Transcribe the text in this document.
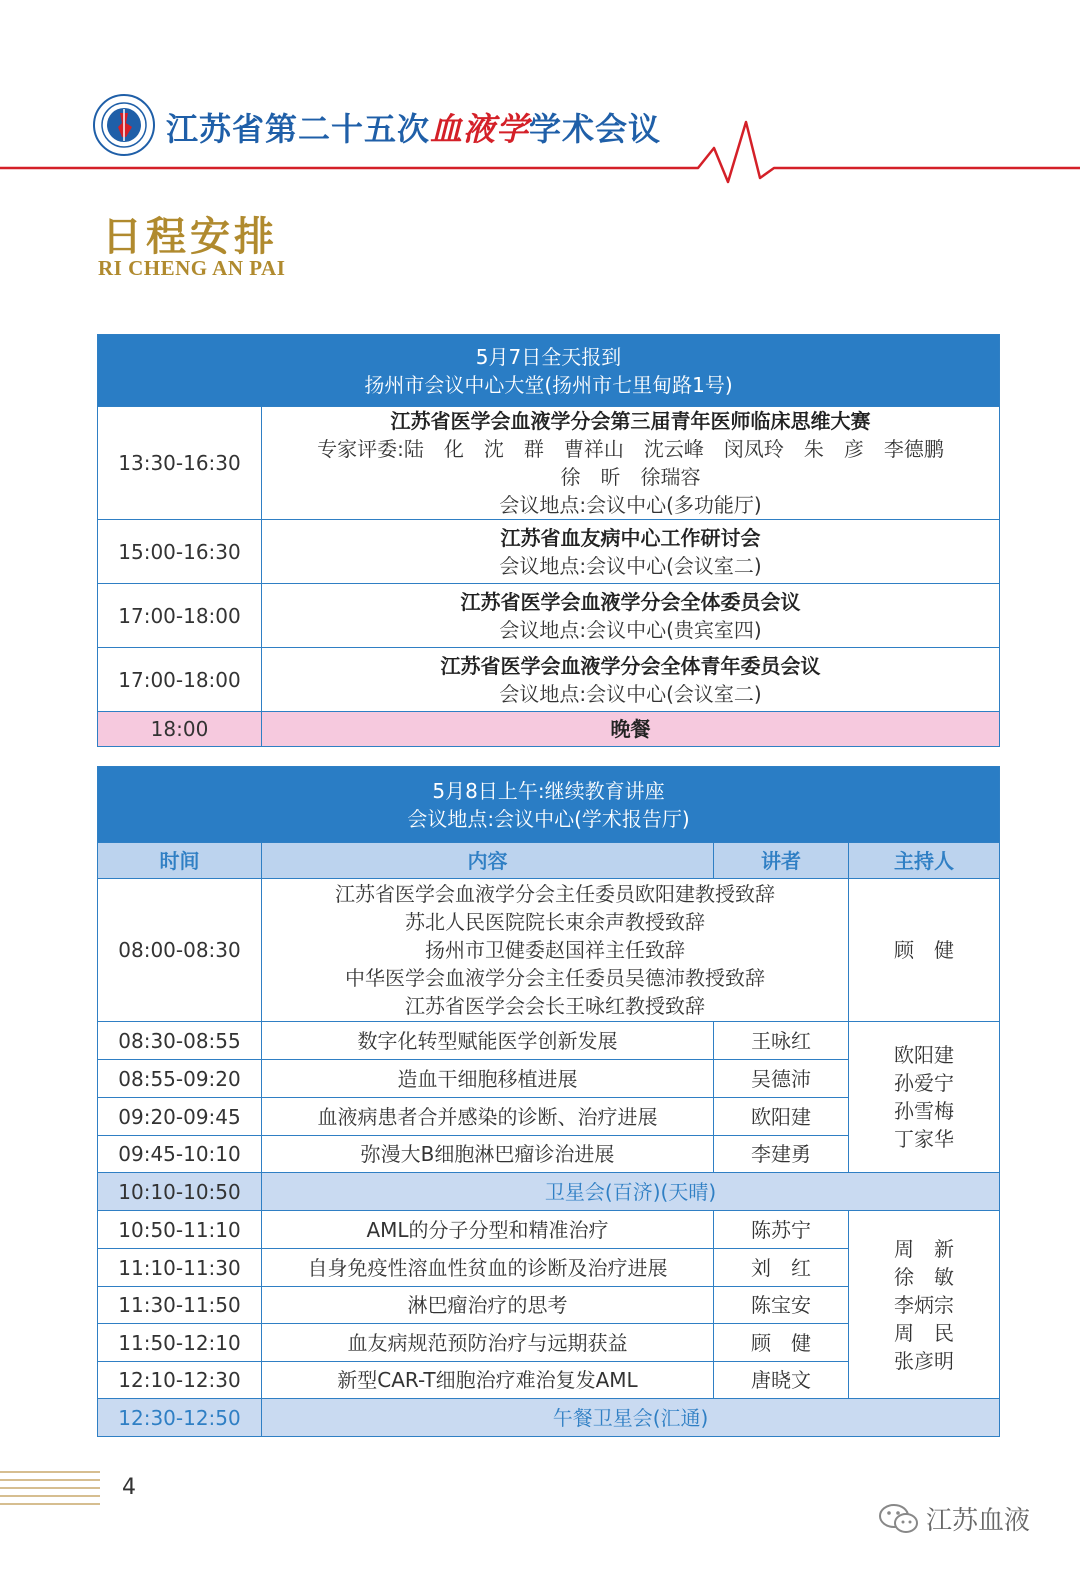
江苏省第二十五次血液学学术会议
日程安排
RI CHENG AN PAI
5月7日全天报到
扬州市会议中心大堂(扬州市七里甸路1号)	

13:30-16:30	江苏省医学会血液学分会第三届青年医师临床思维大赛
专家评委:陆　化　沈　群　曹祥山　沈云峰　闵凤玲　朱　彦　李德鹏
徐　昕　徐瑞容
会议地点:会议中心(多功能厅)

15:00-16:30	江苏省血友病中心工作研讨会
会议地点:会议中心(会议室二)

17:00-18:00	江苏省医学会血液学分会全体委员会议
会议地点:会议中心(贵宾室四)

17:00-18:00	江苏省医学会血液学分会全体青年委员会议
会议地点:会议中心(会议室二)

18:00	晚餐
5月8日上午:继续教育讲座
会议地点:会议中心(学术报告厅)			

时间	内容	讲者	主持人
08:00-08:30	江苏省医学会血液学分会主任委员欧阳建教授致辞
苏北人民医院院长束余声教授致辞
扬州市卫健委赵国祥主任致辞
中华医学会血液学分会主任委员吴德沛教授致辞
江苏省医学会会长王咏红教授致辞		顾　健
08:30-08:55	数字化转型赋能医学创新发展	王咏红	欧阳建
孙爱宁
孙雪梅
丁家华

08:55-09:20	造血干细胞移植进展	吴德沛	
09:20-09:45	血液病患者合并感染的诊断、治疗进展	欧阳建	
09:45-10:10	弥漫大B细胞淋巴瘤诊治进展	李建勇	
10:10-10:50	卫星会(百济)(天晴)		
10:50-11:10	AML的分子分型和精准治疗	陈苏宁	周　新
徐　敏
李炳宗
周　民
张彦明

11:10-11:30	自身免疫性溶血性贫血的诊断及治疗进展	刘　红	
11:30-11:50	淋巴瘤治疗的思考	陈宝安	
11:50-12:10	血友病规范预防治疗与远期获益	顾　健	
12:10-12:30	新型CAR-T细胞治疗难治复发AML	唐晓文	
12:30-12:50	午餐卫星会(汇通)		
4
江苏血液
